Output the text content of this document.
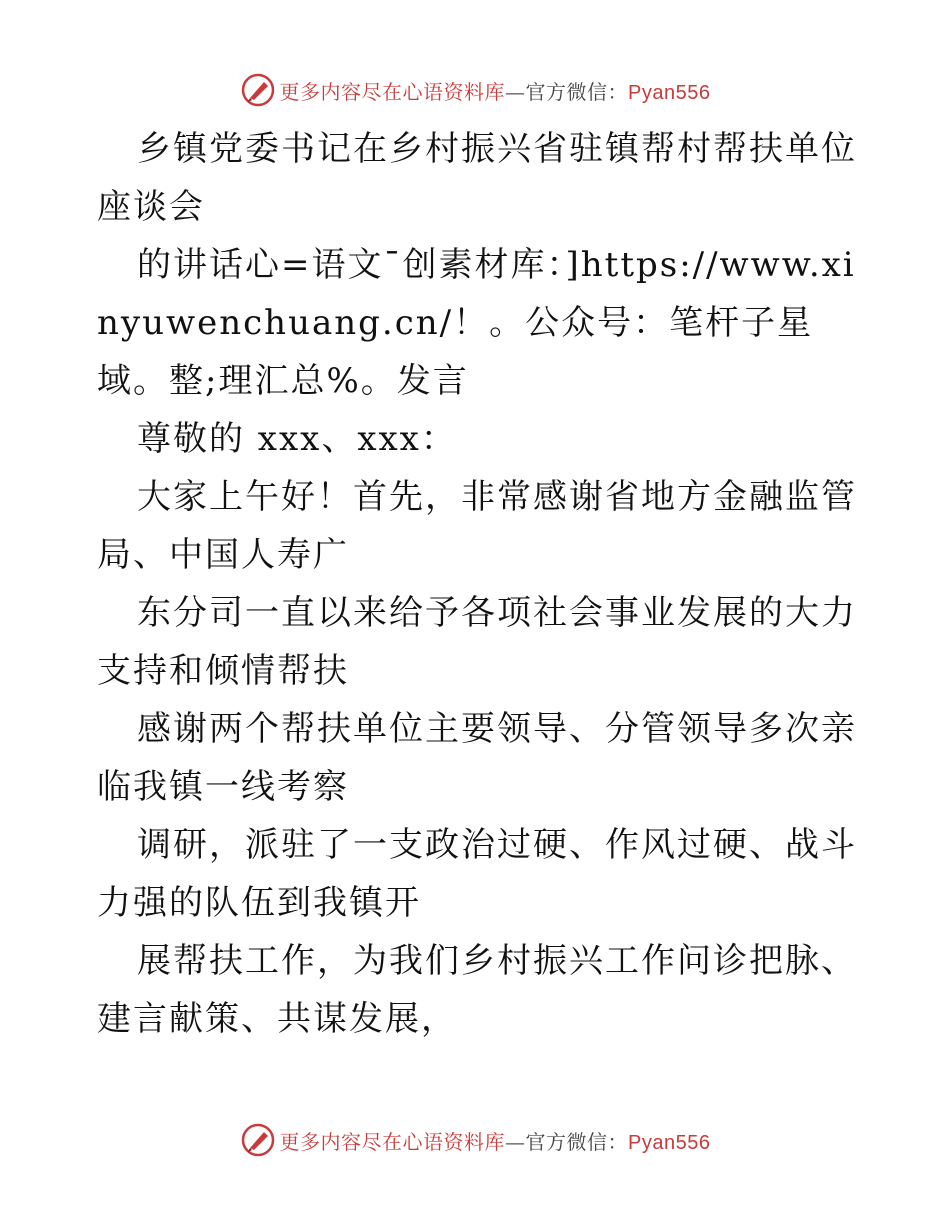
更多内容尽在心语资料库—官方微信：Pyan556

乡镇党委书记在乡村振兴省驻镇帮村帮扶单位座谈会

的讲话心=语文¯创素材库：]https://www.xinyuwenchuang.cn/！。公众号：笔杆子星域。整;理汇总%。发言

尊敬的 xxx、xxx：

大家上午好！首先，非常感谢省地方金融监管局、中国人寿广

东分司一直以来给予各项社会事业发展的大力支持和倾情帮扶

感谢两个帮扶单位主要领导、分管领导多次亲临我镇一线考察

调研，派驻了一支政治过硬、作风过硬、战斗力强的队伍到我镇开

展帮扶工作，为我们乡村振兴工作问诊把脉、建言献策、共谋发展，

更多内容尽在心语资料库—官方微信：Pyan556
